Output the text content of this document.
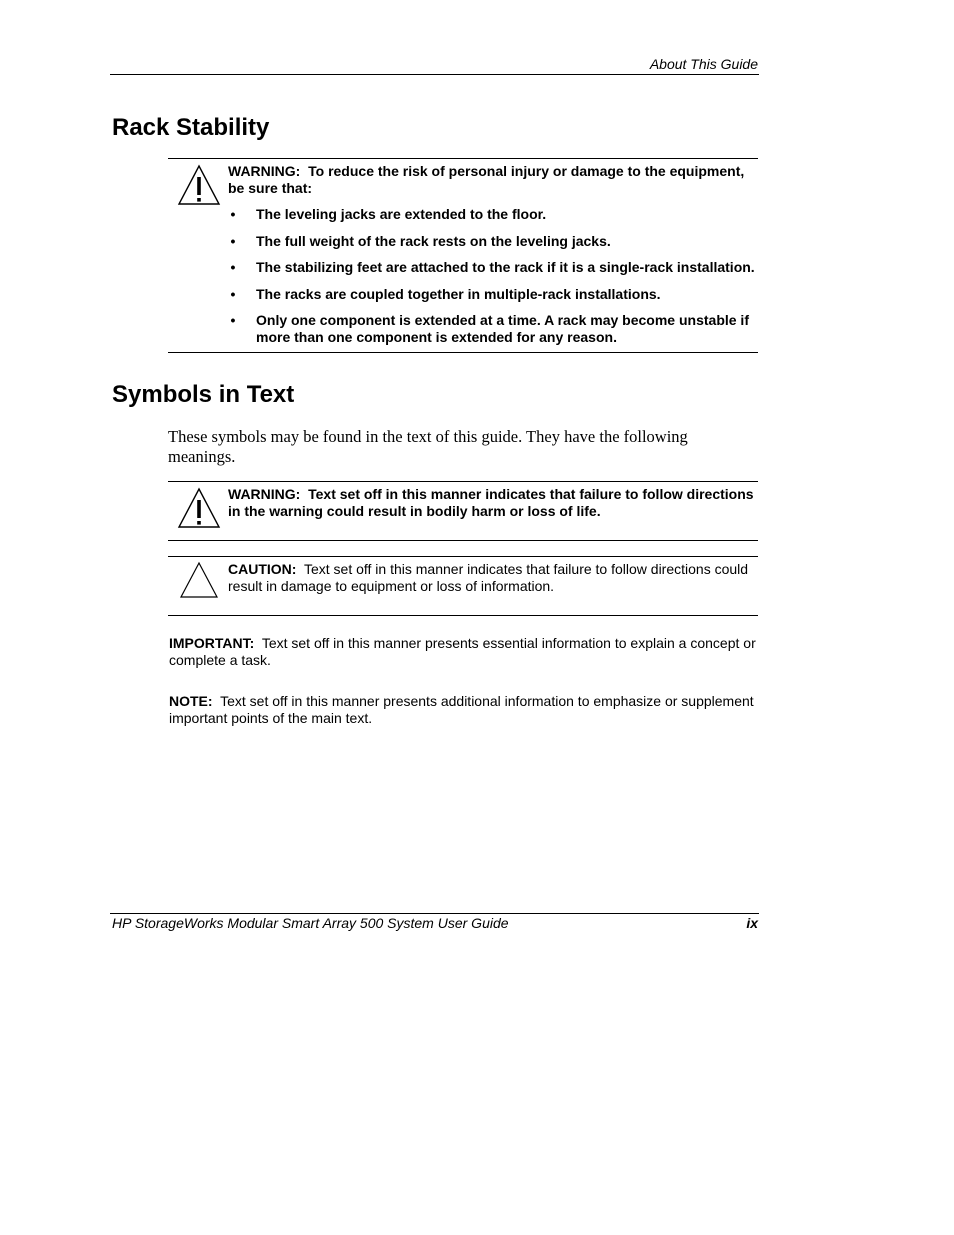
About This Guide
Rack Stability
WARNING: To reduce the risk of personal injury or damage to the equipment, be sure that:
• The leveling jacks are extended to the floor.
• The full weight of the rack rests on the leveling jacks.
• The stabilizing feet are attached to the rack if it is a single-rack installation.
• The racks are coupled together in multiple-rack installations.
• Only one component is extended at a time. A rack may become unstable if more than one component is extended for any reason.
Symbols in Text

These symbols may be found in the text of this guide. They have the following meanings.

WARNING: Text set off in this manner indicates that failure to follow directions in the warning could result in bodily harm or loss of life.
CAUTION: Text set off in this manner indicates that failure to follow directions could result in damage to equipment or loss of information.

IMPORTANT: Text set off in this manner presents essential information to explain a concept or complete a task.

NOTE: Text set off in this manner presents additional information to emphasize or supplement important points of the main text.

HP StorageWorks Modular Smart Array 500 System User Guide	ix
